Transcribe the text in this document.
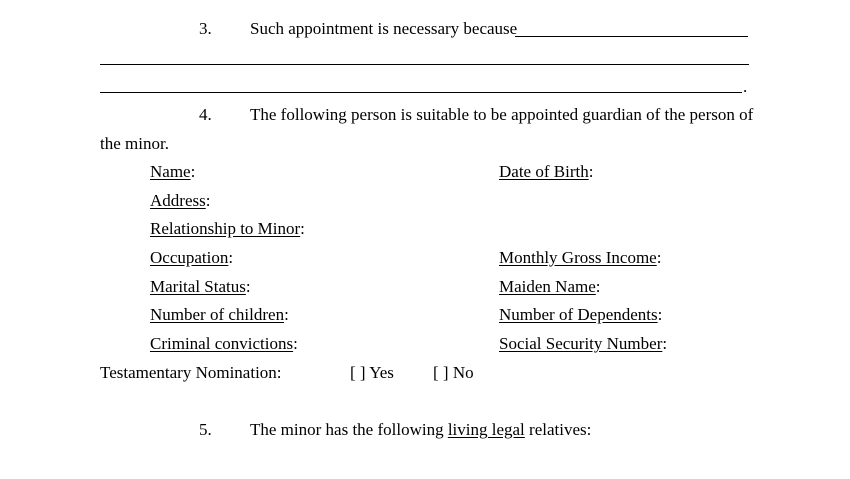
3. Such appointment is necessary because
.
4. The following person is suitable to be appointed guardian of the person of
the minor.
Name:
Address:
Relationship to Minor:
Occupation:
Marital Status:
Number of children:
Criminal convictions:
Date of Birth:
Monthly Gross Income:
Maiden Name:
Number of Dependents:
Social Security Number:
Testamentary Nomination:	[ ] Yes [ ] No
5. The minor has the following living legal relatives:
